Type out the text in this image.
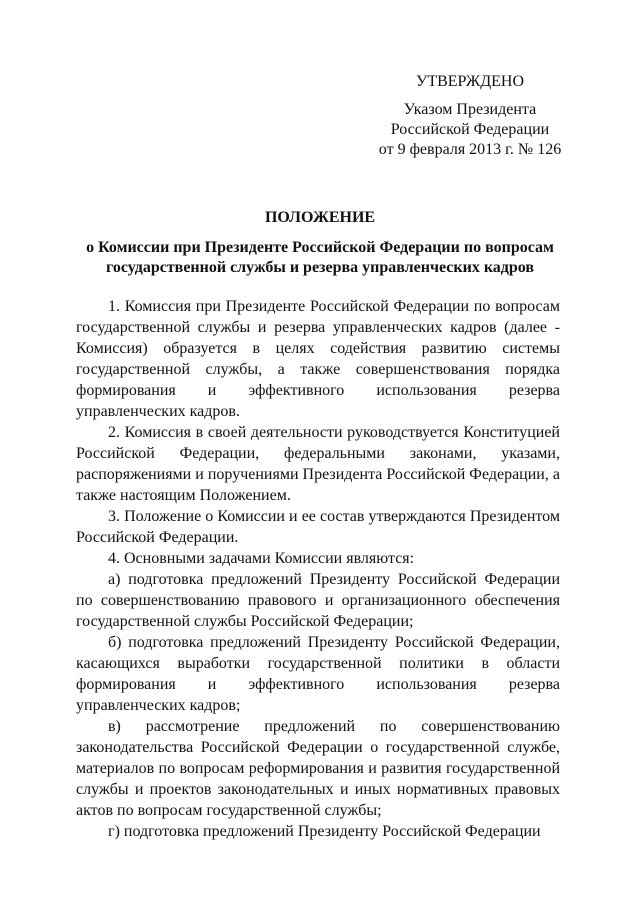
УТВЕРЖДЕНО
Указом Президента
Российской Федерации
от 9 февраля 2013 г. № 126
ПОЛОЖЕНИЕ
о Комиссии при Президенте Российской Федерации по вопросам государственной службы и резерва управленческих кадров

1. Комиссия при Президенте Российской Федерации по вопросам государственной службы и резерва управленческих кадров (далее - Комиссия) образуется в целях содействия развитию системы государственной службы, а также совершенствования порядка формирования и эффективного использования резерва управленческих кадров.

2. Комиссия в своей деятельности руководствуется Конституцией Российской Федерации, федеральными законами, указами, распоряжениями и поручениями Президента Российской Федерации, а также настоящим Положением.

3. Положение о Комиссии и ее состав утверждаются Президентом Российской Федерации.

4. Основными задачами Комиссии являются:

а) подготовка предложений Президенту Российской Федерации по совершенствованию правового и организационного обеспечения государственной службы Российской Федерации;

б) подготовка предложений Президенту Российской Федерации, касающихся выработки государственной политики в области формирования и эффективного использования резерва управленческих кадров;

в) рассмотрение предложений по совершенствованию законодательства Российской Федерации о государственной службе, материалов по вопросам реформирования и развития государственной службы и проектов законодательных и иных нормативных правовых актов по вопросам государственной службы;

г) подготовка предложений Президенту Российской Федерации
